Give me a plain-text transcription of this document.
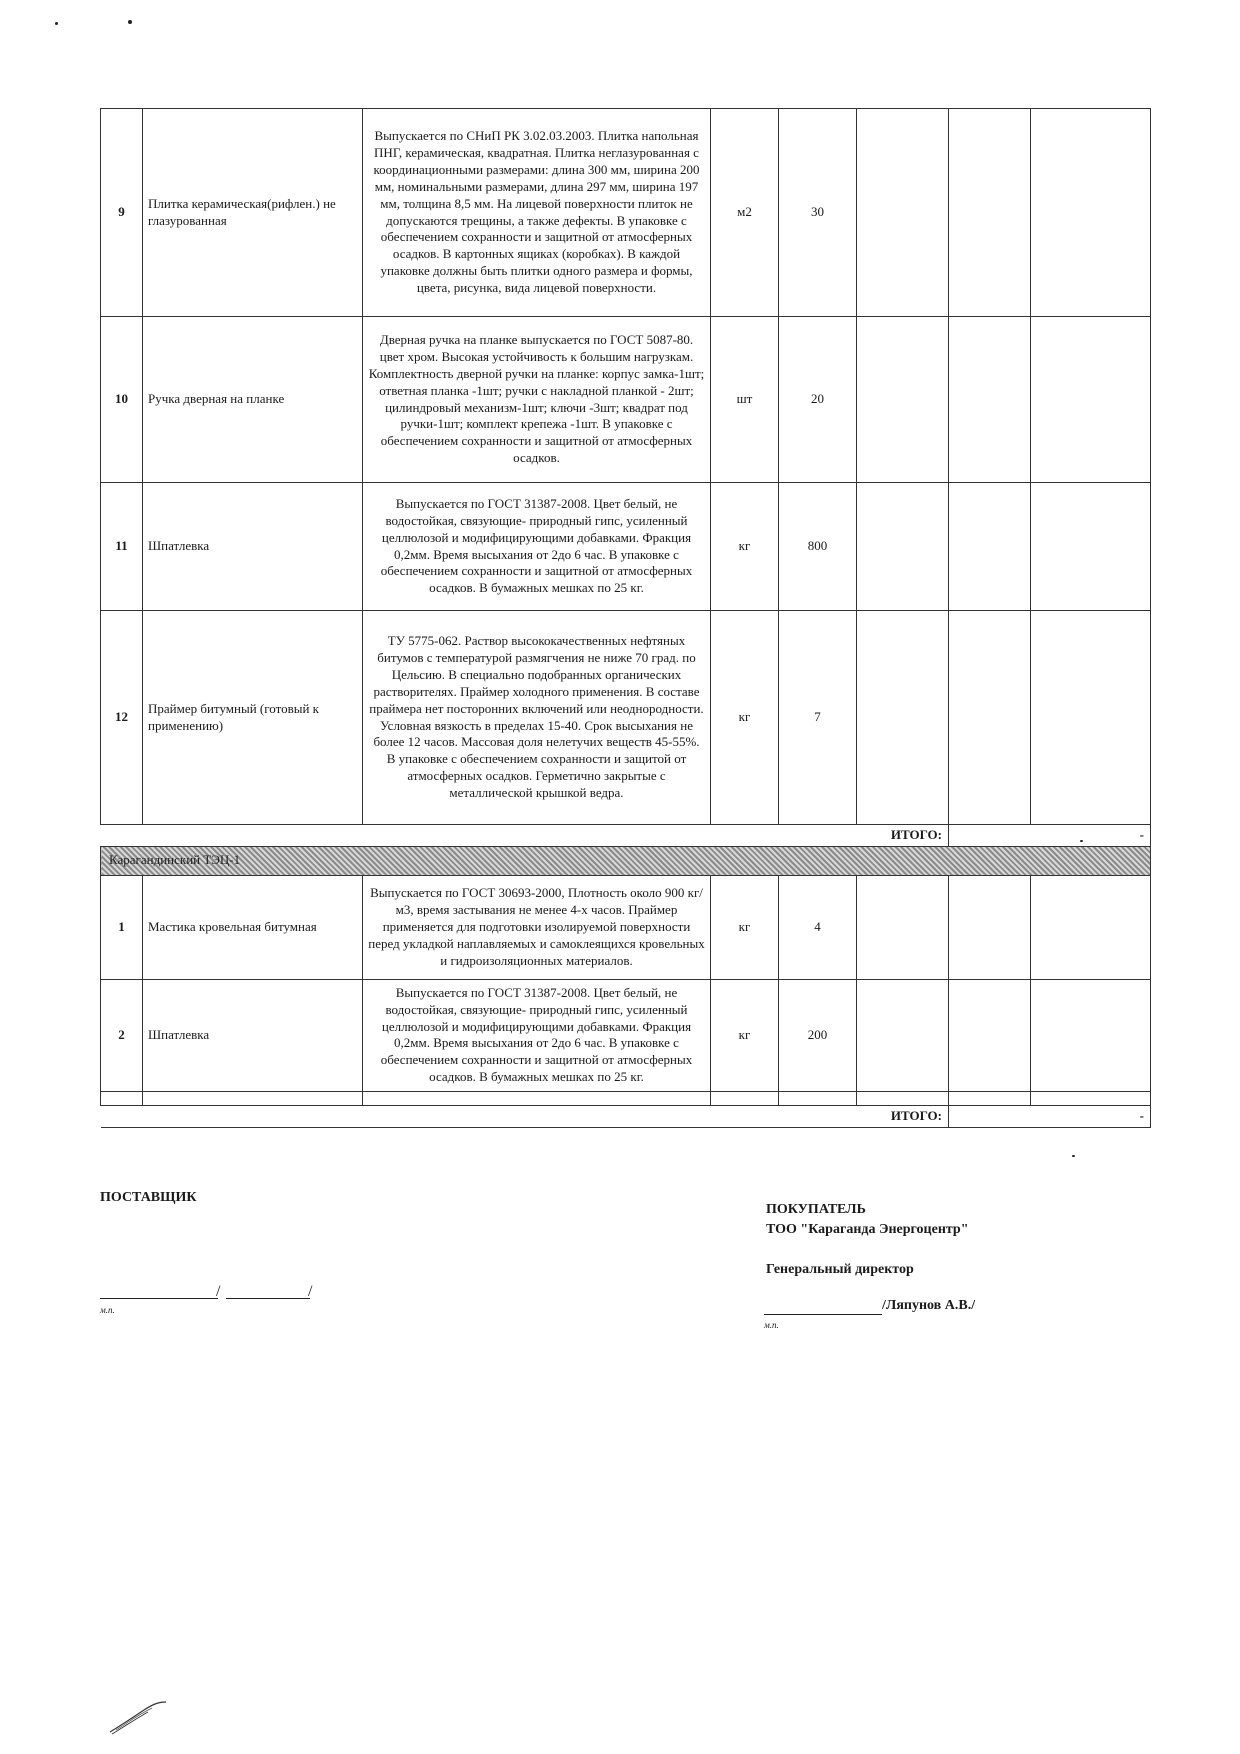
9	Плитка керамическая(рифлен.) не глазурованная	Выпускается по СНиП РК 3.02.03.2003. Плитка напольная ПНГ, керамическая, квадратная. Плитка неглазурованная с координационными размерами: длина 300 мм, ширина 200 мм, номинальными размерами, длина 297 мм, ширина 197 мм, толщина 8,5 мм. На лицевой поверхности плиток не допускаются трещины, а также дефекты. В упаковке с обеспечением сохранности и защитной от атмосферных осадков. В картонных ящиках (коробках). В каждой упаковке должны быть плитки одного размера и формы, цвета, рисунка, вида лицевой поверхности.	м2	30			
10	Ручка дверная на планке	Дверная ручка на планке выпускается по ГОСТ 5087-80. цвет хром. Высокая устойчивость к большим нагрузкам. Комплектность дверной ручки на планке: корпус замка-1шт; ответная планка -1шт; ручки с накладной планкой - 2шт; цилиндровый механизм-1шт; ключи -3шт; квадрат под ручки-1шт; комплект крепежа -1шт. В упаковке с обеспечением сохранности и защитной от атмосферных осадков.	шт	20			
11	Шпатлевка	Выпускается по ГОСТ 31387-2008. Цвет белый, не водостойкая, связующие- природный гипс, усиленный целлюлозой и модифицирующими добавками. Фракция 0,2мм. Время высыхания от 2до 6 час. В упаковке с обеспечением сохранности и защитной от атмосферных осадков. В бумажных мешках по 25 кг.	кг	800			
12	Праймер битумный (готовый к применению)	ТУ 5775-062. Раствор высококачественных нефтяных битумов с температурой размягчения не ниже 70 град. по Цельсию. В специально подобранных органических растворителях. Праймер холодного применения. В составе праймера нет посторонних включений или неоднородности. Условная вязкость в пределах 15-40. Срок высыхания не более 12 часов. Массовая доля нелетучих веществ 45-55%. В упаковке с обеспечением сохранности и защитой от атмосферных осадков. Герметично закрытые с металлической крышкой ведра.	кг	7			
ИТОГО:						-	
Карагандинский ТЭЦ-1							
1	Мастика кровельная битумная	Выпускается по ГОСТ 30693-2000, Плотность около 900 кг/м3, время застывания не менее 4-х часов. Праймер применяется для подготовки изолируемой поверхности перед укладкой наплавляемых и самоклеящихся кровельных и гидроизоляционных материалов.	кг	4			
2	Шпатлевка	Выпускается по ГОСТ 31387-2008. Цвет белый, не водостойкая, связующие- природный гипс, усиленный целлюлозой и модифицирующими добавками. Фракция 0,2мм. Время высыхания от 2до 6 час. В упаковке с обеспечением сохранности и защитной от атмосферных осадков. В бумажных мешках по 25 кг.	кг	200			

ИТОГО:						-	
ПОСТАВЩИК
/	/
м.п.
ПОКУПАТЕЛЬ
ТОО "Караганда Энергоцентр"
Генеральный директор
/Ляпунов А.В./
м.п.
